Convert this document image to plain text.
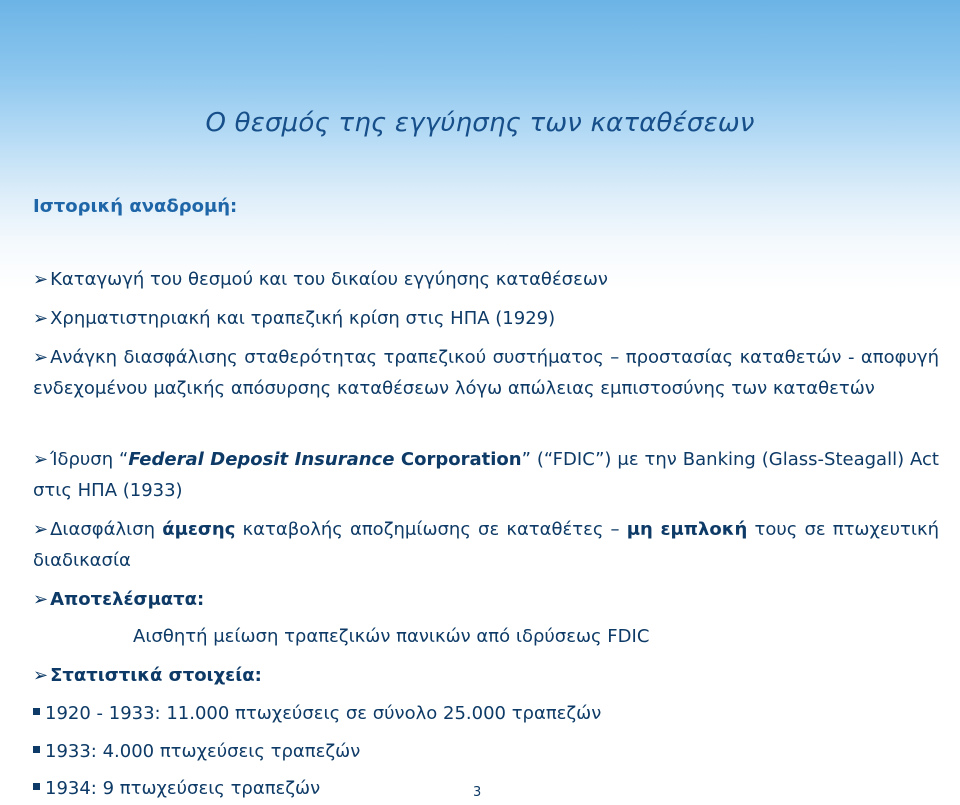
Ο θεσμός της εγγύησης των καταθέσεων
Ιστορική αναδρομή:
➢ Καταγωγή του θεσμού και του δικαίου εγγύησης καταθέσεων
➢ Χρηματιστηριακή και τραπεζική κρίση στις ΗΠΑ (1929)
➢ Ανάγκη διασφάλισης σταθερότητας τραπεζικού συστήματος – προστασίας καταθετών - αποφυγή ενδεχομένου μαζικής απόσυρσης καταθέσεων λόγω απώλειας εμπιστοσύνης των καταθετών
➢ Ίδρυση “Federal Deposit Insurance Corporation” (“FDIC”) με την Banking (Glass-Steagall) Act στις ΗΠΑ (1933)
➢ Διασφάλιση άμεσης καταβολής αποζημίωσης σε καταθέτες – μη εμπλοκή τους σε πτωχευτική διαδικασία
➢ Αποτελέσματα:
Αισθητή μείωση τραπεζικών πανικών από ιδρύσεως FDIC
➢ Στατιστικά στοιχεία:
1920 - 1933: 11.000 πτωχεύσεις σε σύνολο 25.000 τραπεζών
1933: 4.000 πτωχεύσεις τραπεζών
1934: 9 πτωχεύσεις τραπεζών	3
